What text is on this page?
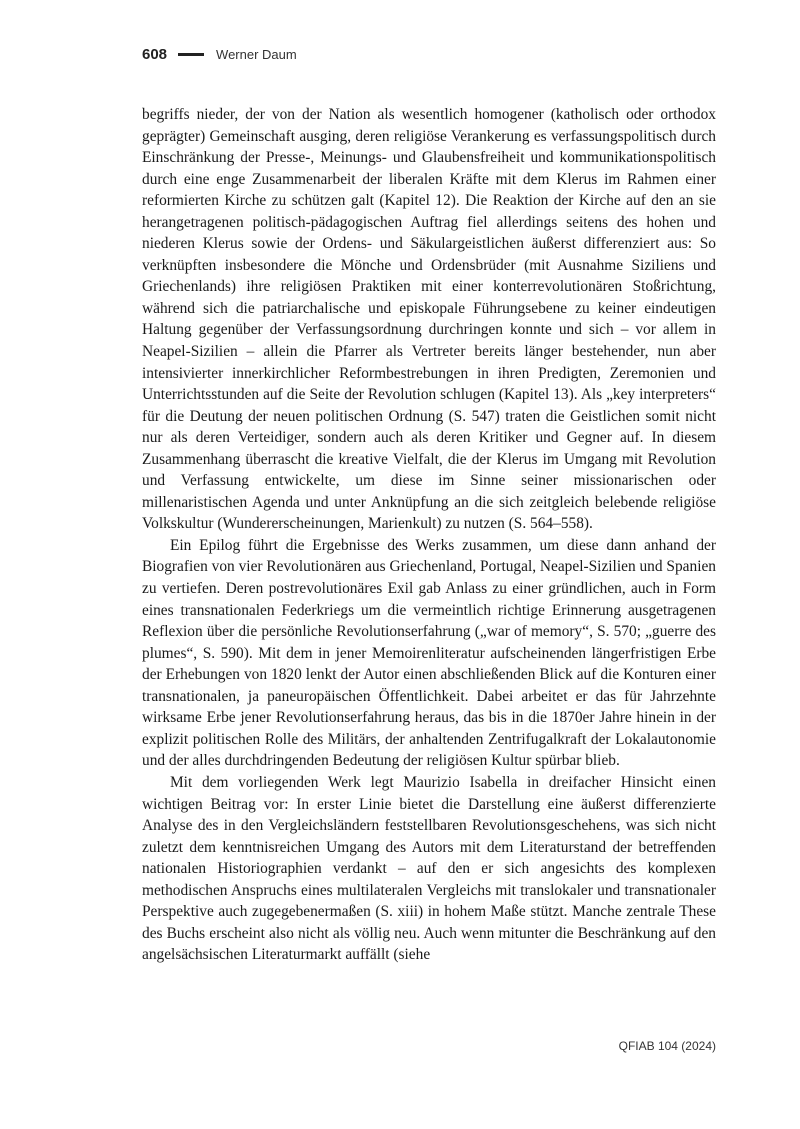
608	Werner Daum

begriffs nieder, der von der Nation als wesentlich homogener (katholisch oder orthodox geprägter) Gemeinschaft ausging, deren religiöse Verankerung es verfassungspolitisch durch Einschränkung der Presse-, Meinungs- und Glaubensfreiheit und kommunikationspolitisch durch eine enge Zusammenarbeit der liberalen Kräfte mit dem Klerus im Rahmen einer reformierten Kirche zu schützen galt (Kapitel 12). Die Reaktion der Kirche auf den an sie herangetragenen politisch-pädagogischen Auftrag fiel allerdings seitens des hohen und niederen Klerus sowie der Ordens- und Säkulargeistlichen äußerst differenziert aus: So verknüpften insbesondere die Mönche und Ordensbrüder (mit Ausnahme Siziliens und Griechenlands) ihre religiösen Praktiken mit einer konterrevolutionären Stoßrichtung, während sich die patriarchalische und episkopale Führungsebene zu keiner eindeutigen Haltung gegenüber der Verfassungsordnung durchringen konnte und sich – vor allem in Neapel-Sizilien – allein die Pfarrer als Vertreter bereits länger bestehender, nun aber intensivierter innerkirchlicher Reformbestrebungen in ihren Predigten, Zeremonien und Unterrichtsstunden auf die Seite der Revolution schlugen (Kapitel 13). Als „key interpreters“ für die Deutung der neuen politischen Ordnung (S. 547) traten die Geistlichen somit nicht nur als deren Verteidiger, sondern auch als deren Kritiker und Gegner auf. In diesem Zusammenhang überrascht die kreative Vielfalt, die der Klerus im Umgang mit Revolution und Verfassung entwickelte, um diese im Sinne seiner missionarischen oder millenaristischen Agenda und unter Anknüpfung an die sich zeitgleich belebende religiöse Volkskultur (Wundererscheinungen, Marienkult) zu nutzen (S. 564–558).

Ein Epilog führt die Ergebnisse des Werks zusammen, um diese dann anhand der Biografien von vier Revolutionären aus Griechenland, Portugal, Neapel-Sizilien und Spanien zu vertiefen. Deren postrevolutionäres Exil gab Anlass zu einer gründlichen, auch in Form eines transnationalen Federkriegs um die vermeintlich richtige Erinnerung ausgetragenen Reflexion über die persönliche Revolutionserfahrung („war of memory“, S. 570; „guerre des plumes“, S. 590). Mit dem in jener Memoirenliteratur aufscheinenden längerfristigen Erbe der Erhebungen von 1820 lenkt der Autor einen abschließenden Blick auf die Konturen einer transnationalen, ja paneuropäischen Öffentlichkeit. Dabei arbeitet er das für Jahrzehnte wirksame Erbe jener Revolutionserfahrung heraus, das bis in die 1870er Jahre hinein in der explizit politischen Rolle des Militärs, der anhaltenden Zentrifugalkraft der Lokalautonomie und der alles durchdringenden Bedeutung der religiösen Kultur spürbar blieb.

Mit dem vorliegenden Werk legt Maurizio Isabella in dreifacher Hinsicht einen wichtigen Beitrag vor: In erster Linie bietet die Darstellung eine äußerst differenzierte Analyse des in den Vergleichsländern feststellbaren Revolutionsgeschehens, was sich nicht zuletzt dem kenntnisreichen Umgang des Autors mit dem Literaturstand der betreffenden nationalen Historiographien verdankt – auf den er sich angesichts des komplexen methodischen Anspruchs eines multilateralen Vergleichs mit translokaler und transnationaler Perspektive auch zugegebenermaßen (S. xiii) in hohem Maße stützt. Manche zentrale These des Buchs erscheint also nicht als völlig neu. Auch wenn mitunter die Beschränkung auf den angelsächsischen Literaturmarkt auffällt (siehe

QFIAB 104 (2024)
